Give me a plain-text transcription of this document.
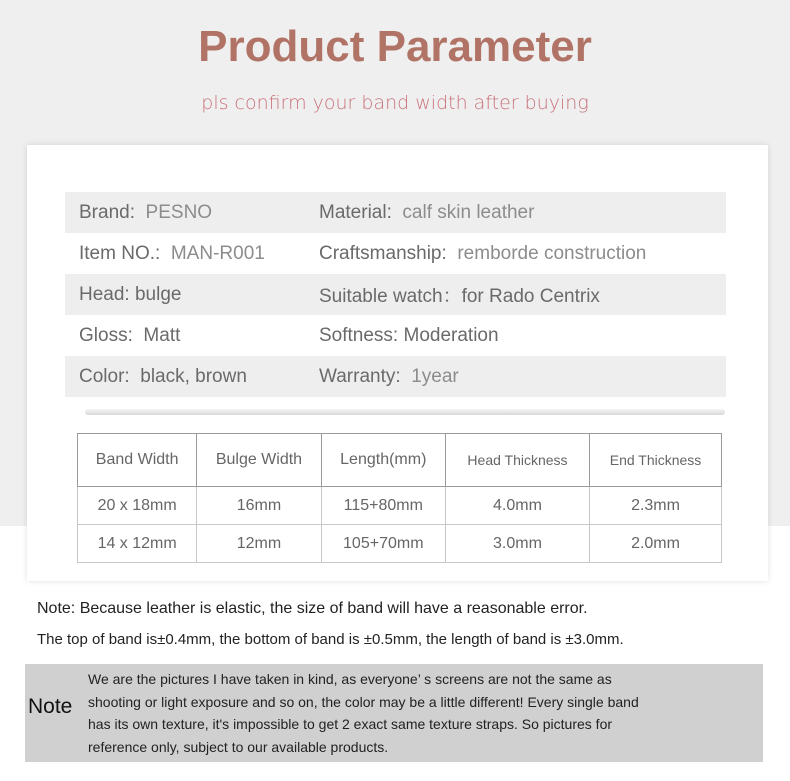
Product Parameter
pls confirm your band width after buying
Brand: PESNO	Material: calf skin leather
Item NO.: MAN-R001	Craftsmanship: remborde construction
Head: bulge	Suitable watch：for Rado Centrix
Gloss: Matt	Softness: Moderation
Color: black, brown	Warranty: 1year
Band Width	Bulge Width	Length(mm)	Head Thickness	End Thickness
20 x 18mm	16mm	115+80mm	4.0mm	2.3mm
14 x 12mm	12mm	105+70mm	3.0mm	2.0mm
Note: Because leather is elastic, the size of band will have a reasonable error.
The top of band is±0.4mm, the bottom of band is ±0.5mm, the length of band is ±3.0mm.
Note
We are the pictures I have taken in kind, as everyone’ s screens are not the same as
shooting or light exposure and so on, the color may be a little different! Every single band
has its own texture, it's impossible to get 2 exact same texture straps. So pictures for
reference only, subject to our available products.
